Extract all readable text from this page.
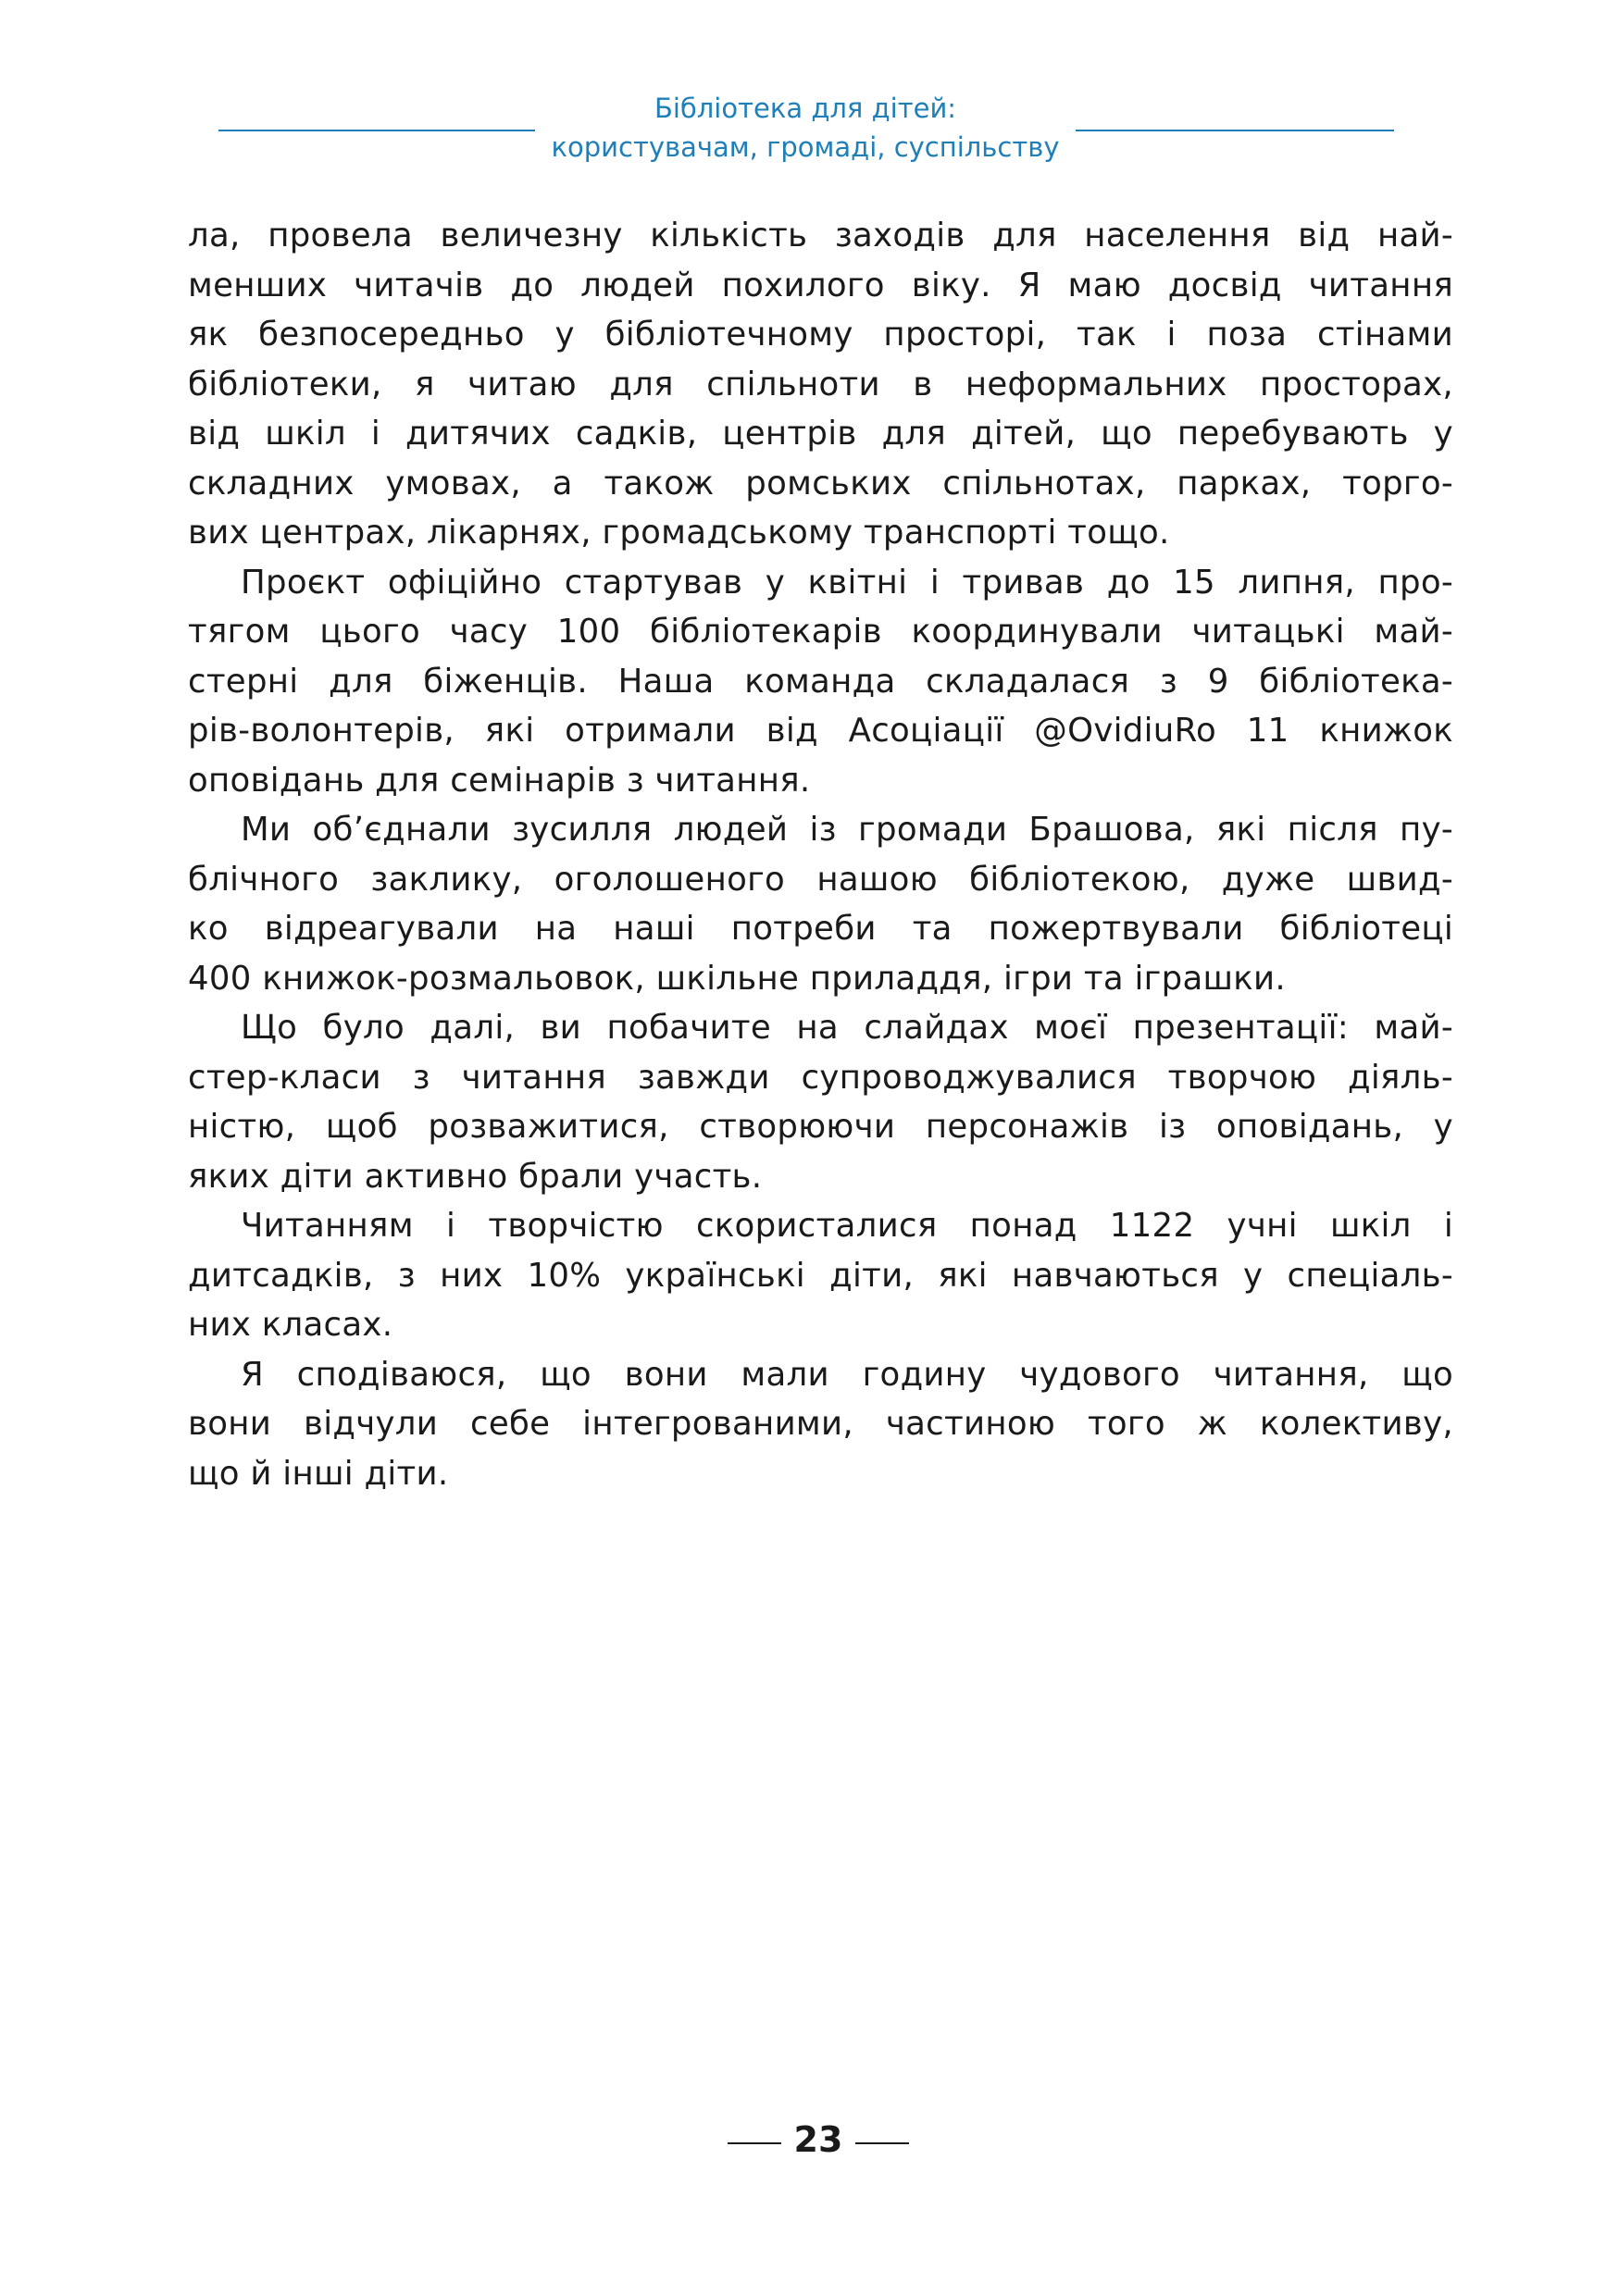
Бібліотека для дітей:
користувачам, громаді, суспільству

ла, провела величезну кількість заходів для населення від най-
менших читачів до людей похилого віку. Я маю досвід читання
як безпосередньо у бібліотечному просторі, так і поза стінами
бібліотеки, я читаю для спільноти в неформальних просторах,
від шкіл і дитячих садків, центрів для дітей, що перебувають у
складних умовах, а також ромських спільнотах, парках, торго-
вих центрах, лікарнях, громадському транспорті тощо.

Проєкт офіційно стартував у квітні і тривав до 15 липня, про-
тягом цього часу 100 бібліотекарів координували читацькі май-
стерні для біженців. Наша команда складалася з 9 бібліотека-
рів-волонтерів, які отримали від Асоціації @OvidiuRo 11 книжок
оповідань для семінарів з читання.

Ми об’єднали зусилля людей із громади Брашова, які після пу-
блічного заклику, оголошеного нашою бібліотекою, дуже швид-
ко відреагували на наші потреби та пожертвували бібліотеці
400 книжок-розмальовок, шкільне приладдя, ігри та іграшки.

Що було далі, ви побачите на слайдах моєї презентації: май-
стер-класи з читання завжди супроводжувалися творчою діяль-
ністю, щоб розважитися, створюючи персонажів із оповідань, у
яких діти активно брали участь.

Читанням і творчістю скористалися понад 1122 учні шкіл і
дитсадків, з них 10% українські діти, які навчаються у спеціаль-
них класах.

Я сподіваюся, що вони мали годину чудового читання, що
вони відчули себе інтегрованими, частиною того ж колективу,
що й інші діти.

23
